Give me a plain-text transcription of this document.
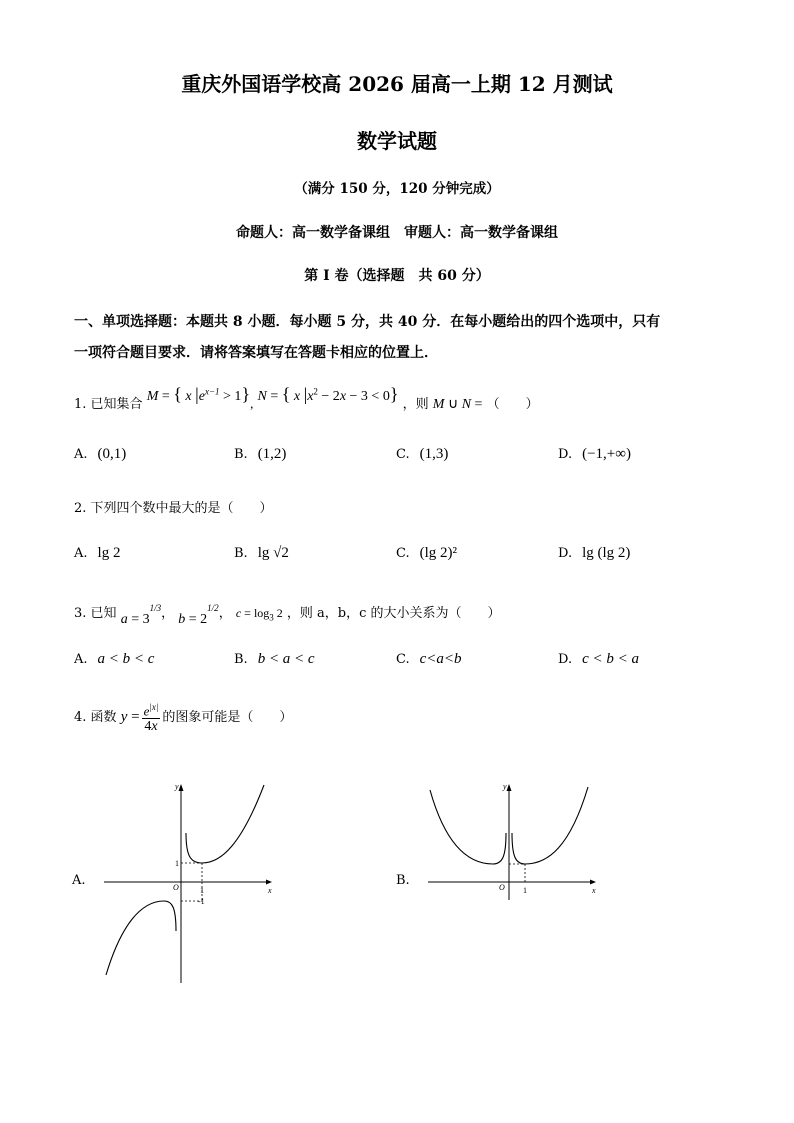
重庆外国语学校高 2026 届高一上期 12 月测试
数学试题
（满分 150 分，120 分钟完成）
命题人：高一数学备课组　审题人：高一数学备课组
第 I 卷（选择题　共 60 分）
一、单项选择题：本题共 8 小题．每小题 5 分，共 40 分．在每小题给出的四个选项中，只有
一项符合题目要求．请将答案填写在答题卡相应的位置上．
1. 已知集合 M = { x $|e^{x-1} > 1$}, N = { x $|x^2 - 2x - 3 < 0$} ，则 M ∪ N = （　　）
A. (0,1)	B. (1,2)	C. (1,3)	D. (−1,+∞)
2. 下列四个数中最大的是（　　）
A. lg 2	B. lg √2	C. (lg 2)²	D. lg (lg 2)
3. 已知 $a = 3^{1/3}$， $b = 2^{1/2}$， $c = \log_3 2$ ，则 a，b，c 的大小关系为（　　）
A. a < b < c	B. b < a < c	C. c<a<b	D. c < b < a
4. 函数 $y = \frac{e^{|x|}}{4x}$ 的图象可能是（　　）
A.
x
y
O
1
1
-1
B.
x
y
O 1
